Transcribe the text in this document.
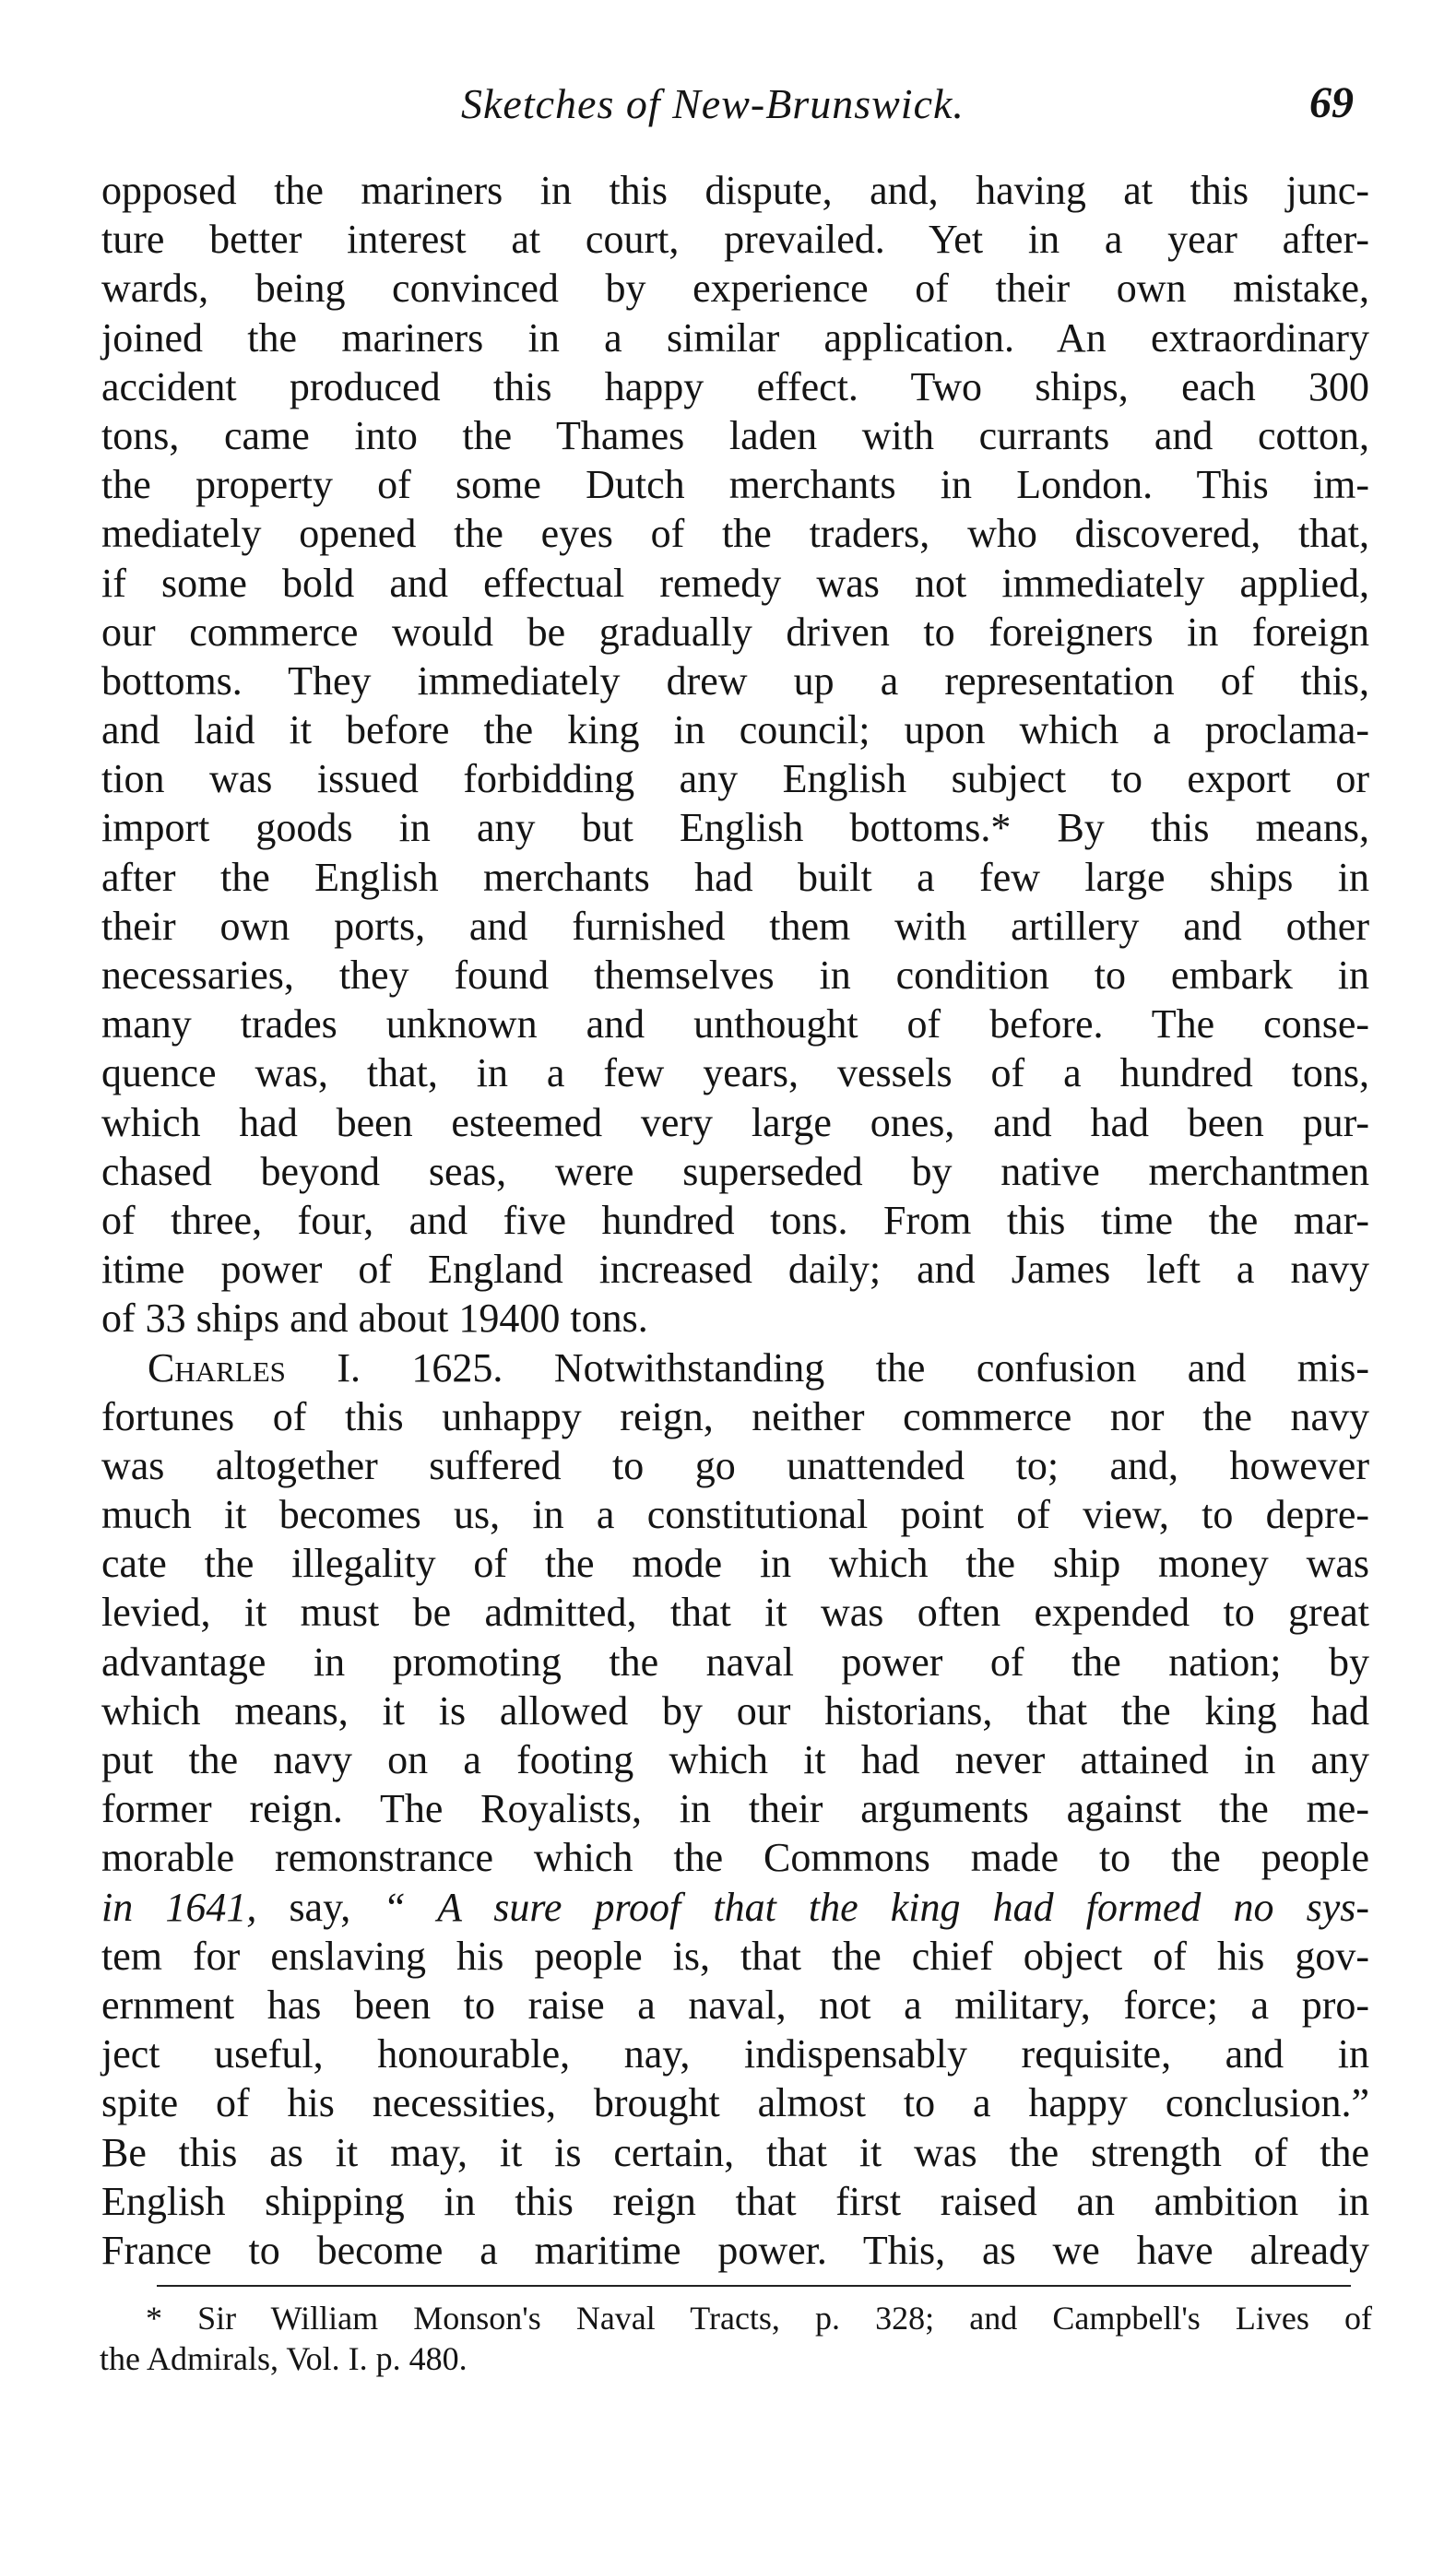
Sketches of New-Brunswick.	69
opposed the mariners in this dispute, and, having at this junc-
ture better interest at court, prevailed. Yet in a year after-
wards, being convinced by experience of their own mistake,
joined the mariners in a similar application. An extraordinary
accident produced this happy effect. Two ships, each 300
tons, came into the Thames laden with currants and cotton,
the property of some Dutch merchants in London. This im-
mediately opened the eyes of the traders, who discovered, that,
if some bold and effectual remedy was not immediately applied,
our commerce would be gradually driven to foreigners in foreign
bottoms. They immediately drew up a representation of this,
and laid it before the king in council; upon which a proclama-
tion was issued forbidding any English subject to export or
import goods in any but English bottoms.* By this means,
after the English merchants had built a few large ships in
their own ports, and furnished them with artillery and other
necessaries, they found themselves in condition to embark in
many trades unknown and unthought of before. The conse-
quence was, that, in a few years, vessels of a hundred tons,
which had been esteemed very large ones, and had been pur-
chased beyond seas, were superseded by native merchantmen
of three, four, and five hundred tons. From this time the mar-
itime power of England increased daily; and James left a navy
of 33 ships and about 19400 tons.
Charles I. 1625. Notwithstanding the confusion and mis-
fortunes of this unhappy reign, neither commerce nor the navy
was altogether suffered to go unattended to; and, however
much it becomes us, in a constitutional point of view, to depre-
cate the illegality of the mode in which the ship money was
levied, it must be admitted, that it was often expended to great
advantage in promoting the naval power of the nation; by
which means, it is allowed by our historians, that the king had
put the navy on a footing which it had never attained in any
former reign. The Royalists, in their arguments against the me-
morable remonstrance which the Commons made to the people
in 1641, say, “ A sure proof that the king had formed no sys-
tem for enslaving his people is, that the chief object of his gov-
ernment has been to raise a naval, not a military, force; a pro-
ject useful, honourable, nay, indispensably requisite, and in
spite of his necessities, brought almost to a happy conclusion.”
Be this as it may, it is certain, that it was the strength of the
English shipping in this reign that first raised an ambition in
France to become a maritime power. This, as we have already
* Sir William Monson's Naval Tracts, p. 328; and Campbell's Lives of
the Admirals, Vol. I. p. 480.
